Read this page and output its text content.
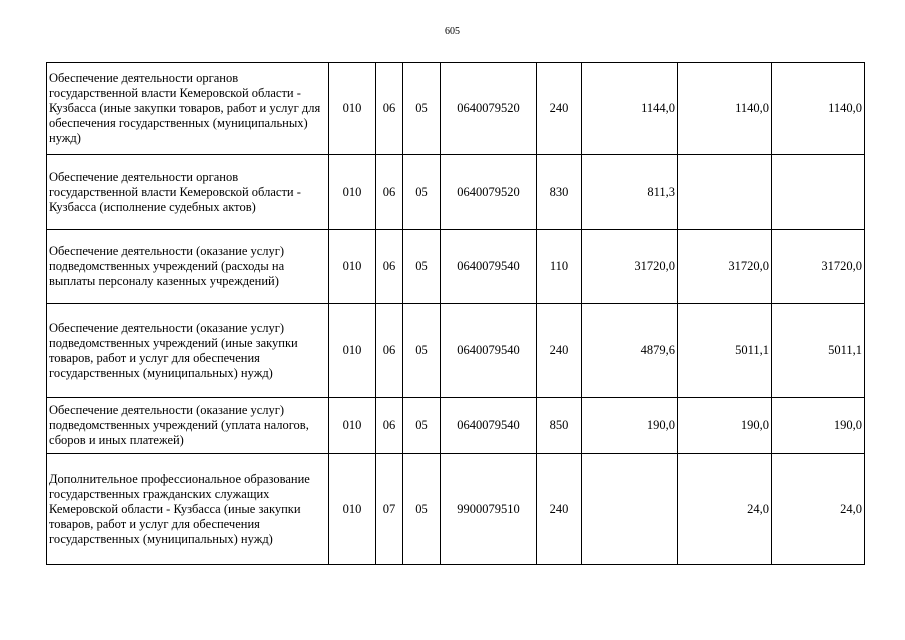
605
Обеспечение деятельности органов государственной власти Кемеровской области - Кузбасса (иные закупки товаров, работ и услуг для обеспечения государственных (муниципальных) нужд)	010	06	05	0640079520	240	1144,0	1140,0	1140,0
Обеспечение деятельности органов государственной власти Кемеровской области - Кузбасса (исполнение судебных актов)	010	06	05	0640079520	830	811,3		
Обеспечение деятельности (оказание услуг) подведомственных учреждений (расходы на выплаты персоналу казенных учреждений)	010	06	05	0640079540	110	31720,0	31720,0	31720,0
Обеспечение деятельности (оказание услуг) подведомственных учреждений (иные закупки товаров, работ и услуг для обеспечения государственных (муниципальных) нужд)	010	06	05	0640079540	240	4879,6	5011,1	5011,1
Обеспечение деятельности (оказание услуг) подведомственных учреждений (уплата налогов, сборов и иных платежей)	010	06	05	0640079540	850	190,0	190,0	190,0
Дополнительное профессиональное образование государственных гражданских служащих Кемеровской области - Кузбасса (иные закупки товаров, работ и услуг для обеспечения государственных (муниципальных) нужд)	010	07	05	9900079510	240		24,0	24,0
